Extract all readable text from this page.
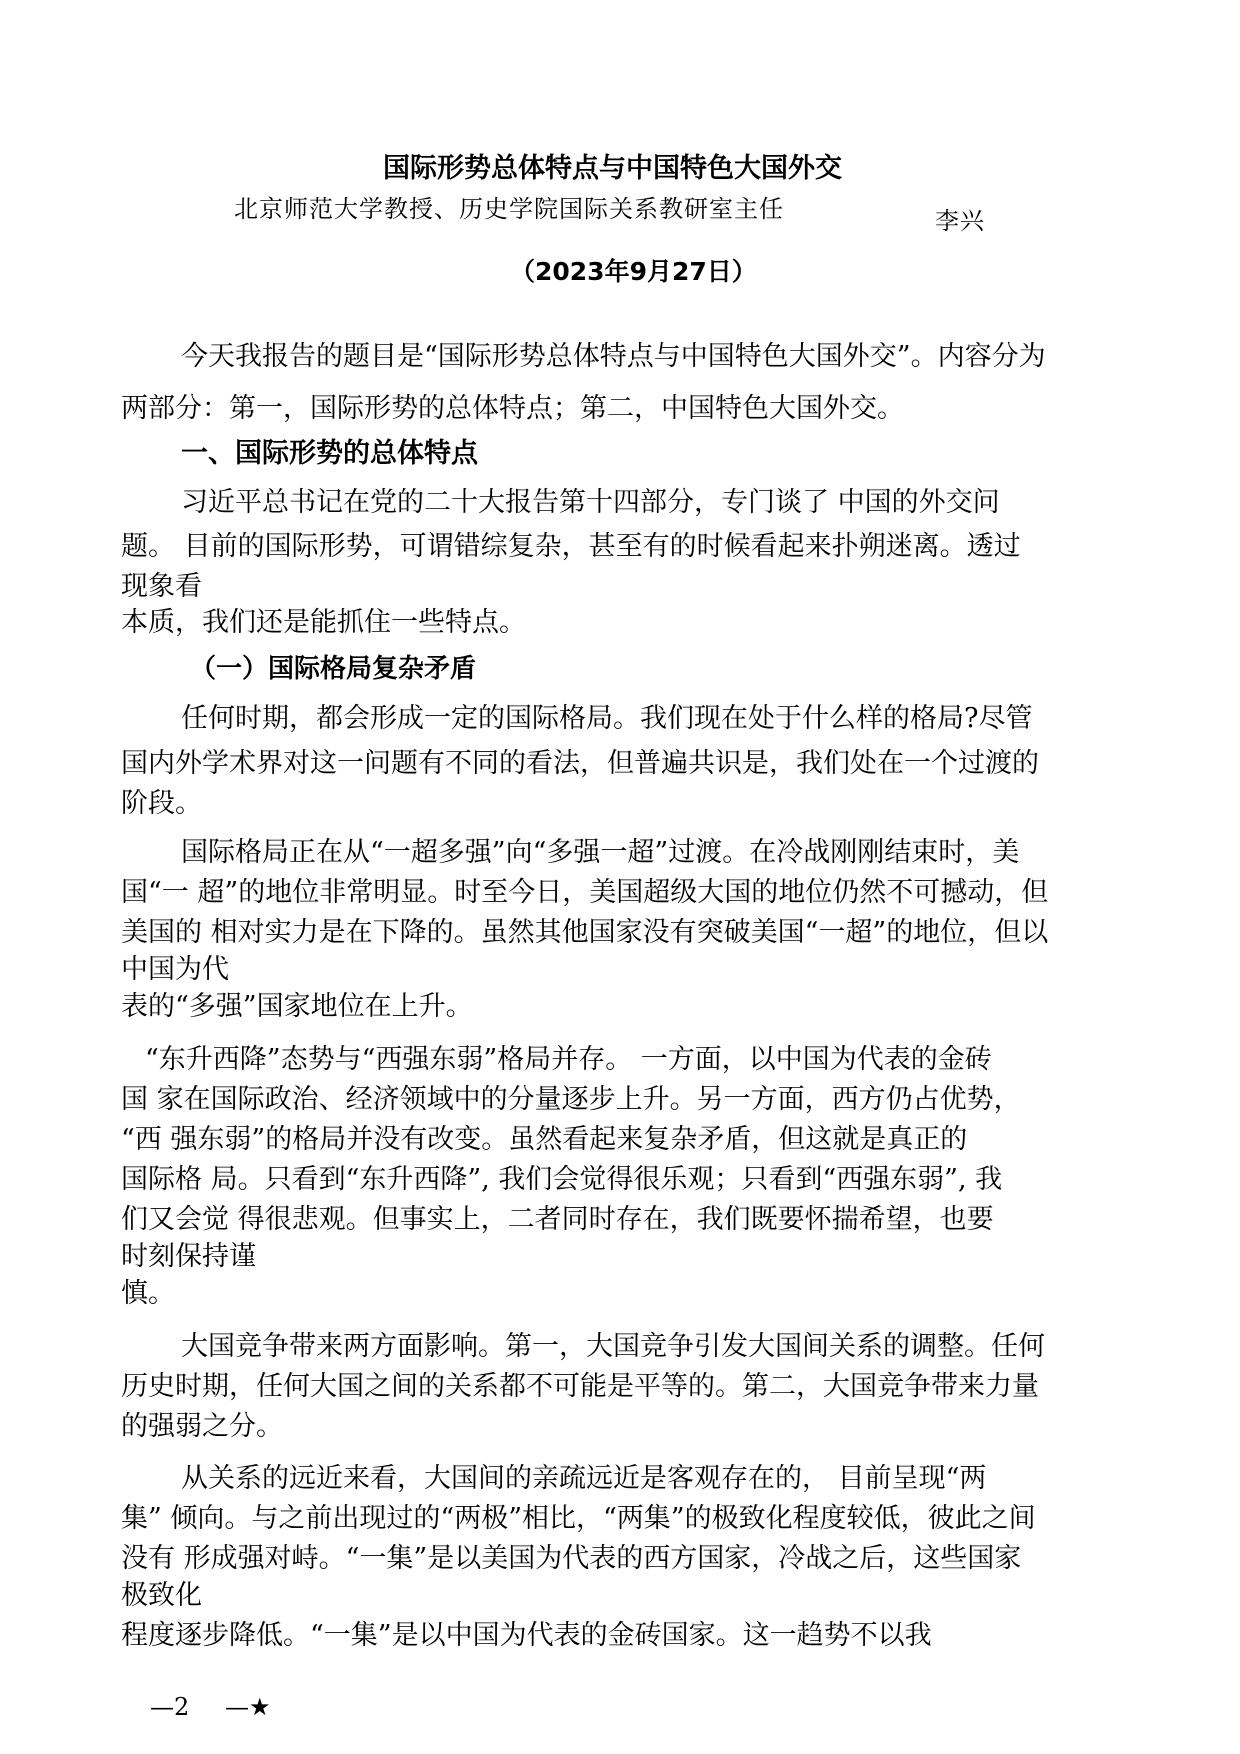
国际形势总体特点与中国特色大国外交
北京师范大学教授、历史学院国际关系教研室主任	李兴
（2023年9月27日）
今天我报告的题目是“国际形势总体特点与中国特色大国外交”。内容分为
两部分：第一，国际形势的总体特点；第二，中国特色大国外交。
一、国际形势的总体特点
习近平总书记在党的二十大报告第十四部分，专门谈了 中国的外交问
题。 目前的国际形势，可谓错综复杂，甚至有的时候看起来扑朔迷离。透过
现象看
本质，我们还是能抓住一些特点。
（一）国际格局复杂矛盾
任何时期，都会形成一定的国际格局。我们现在处于什么样的格局?尽管
国内外学术界对这一问题有不同的看法，但普遍共识是，我们处在一个过渡的
阶段。
国际格局正在从“一超多强”向“多强一超”过渡。在冷战刚刚结束时，美
国“一 超”的地位非常明显。时至今日，美国超级大国的地位仍然不可撼动，但
美国的 相对实力是在下降的。虽然其他国家没有突破美国“一超”的地位，但以
中国为代
表的“多强”国家地位在上升。
“东升西降”态势与“西强东弱”格局并存。 一方面，以中国为代表的金砖
国 家在国际政治、经济领域中的分量逐步上升。另一方面，西方仍占优势，
“西 强东弱”的格局并没有改变。虽然看起来复杂矛盾，但这就是真正的
国际格 局。只看到“东升西降”, 我们会觉得很乐观；只看到“西强东弱”, 我
们又会觉 得很悲观。但事实上，二者同时存在，我们既要怀揣希望，也要
时刻保持谨
慎。
大国竞争带来两方面影响。第一，大国竞争引发大国间关系的调整。任何
历史时期，任何大国之间的关系都不可能是平等的。第二，大国竞争带来力量
的强弱之分。
从关系的远近来看，大国间的亲疏远近是客观存在的， 目前呈现“两
集” 倾向。与之前出现过的“两极”相比，“两集”的极致化程度较低，彼此之间
没有 形成强对峙。“一集”是以美国为代表的西方国家，冷战之后，这些国家
极致化
程度逐步降低。“一集”是以中国为代表的金砖国家。这一趋势不以我
—2 —★
